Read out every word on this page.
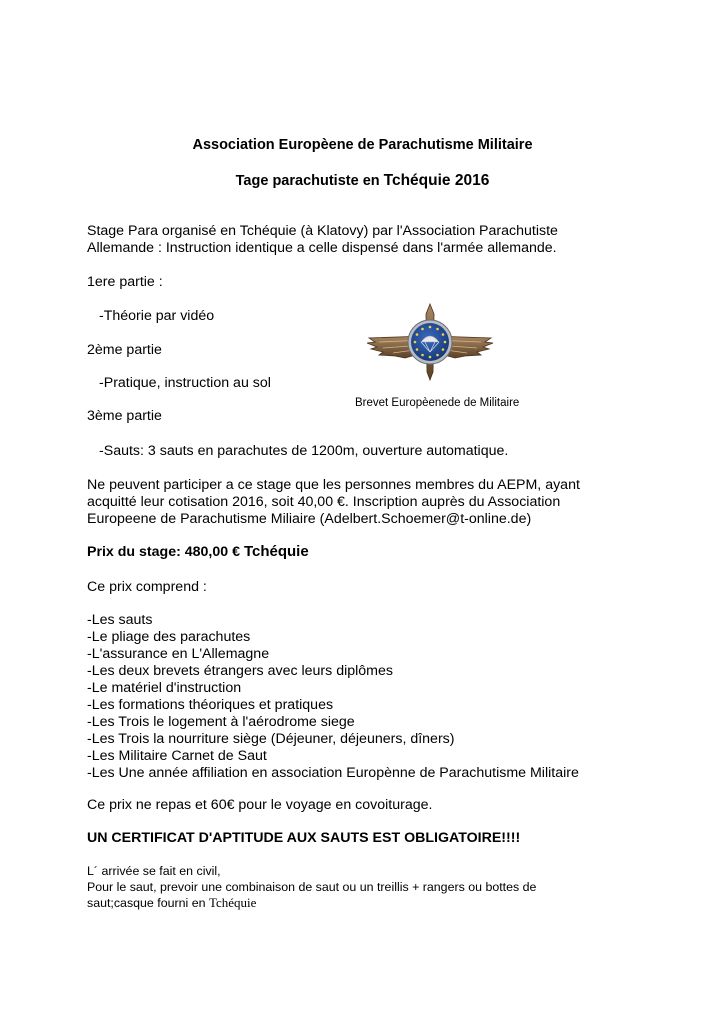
Association Europèene de Parachutisme Militaire
Tage parachutiste en Tchéquie 2016
Stage Para organisé en Tchéquie (à Klatovy) par l'Association Parachutiste
Allemande : Instruction identique a celle dispensé dans l'armée allemande.
1ere partie :
-Théorie par vidéo
2ème partie
-Pratique, instruction au sol
3ème partie
-Sauts: 3 sauts en parachutes de 1200m, ouverture automatique.
Brevet Europèenede de Militaire
Ne peuvent participer a ce stage que les personnes membres du AEPM, ayant
acquitté leur cotisation 2016, soit 40,00 €. Inscription auprès du Association
Europeene de Parachutisme Miliaire (Adelbert.Schoemer@t-online.de)
Prix du stage: 480,00 € Tchéquie
Ce prix comprend :
-Les sauts
-Le pliage des parachutes
-L'assurance en L'Allemagne
-Les deux brevets étrangers avec leurs diplômes
-Le matériel d'instruction
-Les formations théoriques et pratiques
-Les Trois le logement à l'aérodrome siege
-Les Trois la nourriture siège (Déjeuner, déjeuners, dîners)
-Les Militaire Carnet de Saut
-Les Une année affiliation en association Europènne de Parachutisme Militaire
Ce prix ne repas et 60€ pour le voyage en covoiturage.
UN CERTIFICAT D'APTITUDE AUX SAUTS EST OBLIGATOIRE!!!!
L´ arrivée se fait en civil,
Pour le saut, prevoir une combinaison de saut ou un treillis + rangers ou bottes de
saut;casque fourni en Tchéquie
